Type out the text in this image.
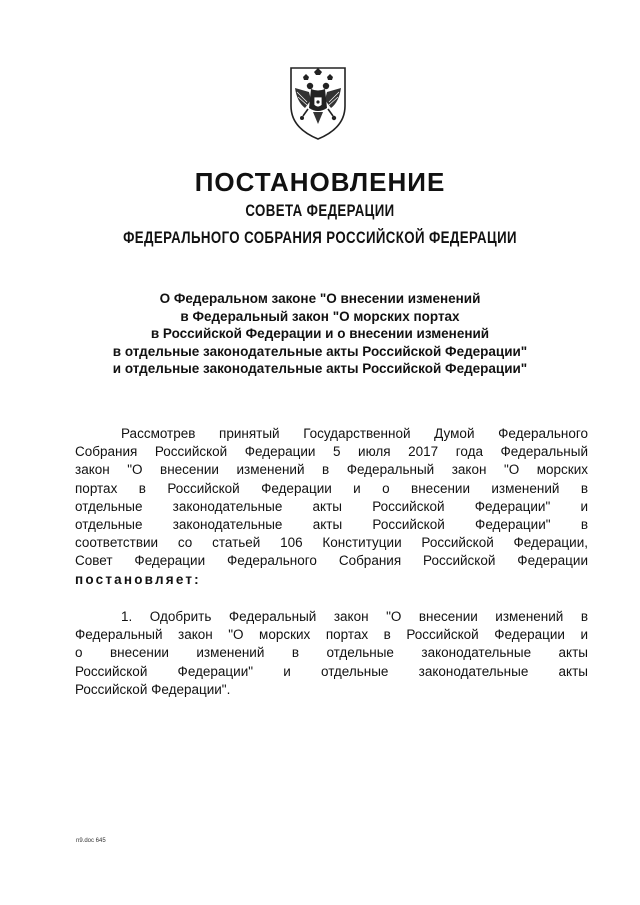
ПОСТАНОВЛЕНИЕ
СОВЕТА ФЕДЕРАЦИИ
ФЕДЕРАЛЬНОГО СОБРАНИЯ РОССИЙСКОЙ ФЕДЕРАЦИИ
О Федеральном законе "О внесении изменений
в Федеральный закон "О морских портах
в Российской Федерации и о внесении изменений
в отдельные законодательные акты Российской Федерации"
и отдельные законодательные акты Российской Федерации"
Рассмотрев принятый Государственной Думой Федерального
Собрания Российской Федерации 5 июля 2017 года Федеральный
закон "О внесении изменений в Федеральный закон "О морских
портах в Российской Федерации и о внесении изменений в
отдельные законодательные акты Российской Федерации" и
отдельные законодательные акты Российской Федерации" в
соответствии со статьей 106 Конституции Российской Федерации,
Совет Федерации Федерального Собрания Российской Федерации
постановляет:
1. Одобрить Федеральный закон "О внесении изменений в
Федеральный закон "О морских портах в Российской Федерации и
о внесении изменений в отдельные законодательные акты
Российской Федерации" и отдельные законодательные акты
Российской Федерации".
n9.doc 645
